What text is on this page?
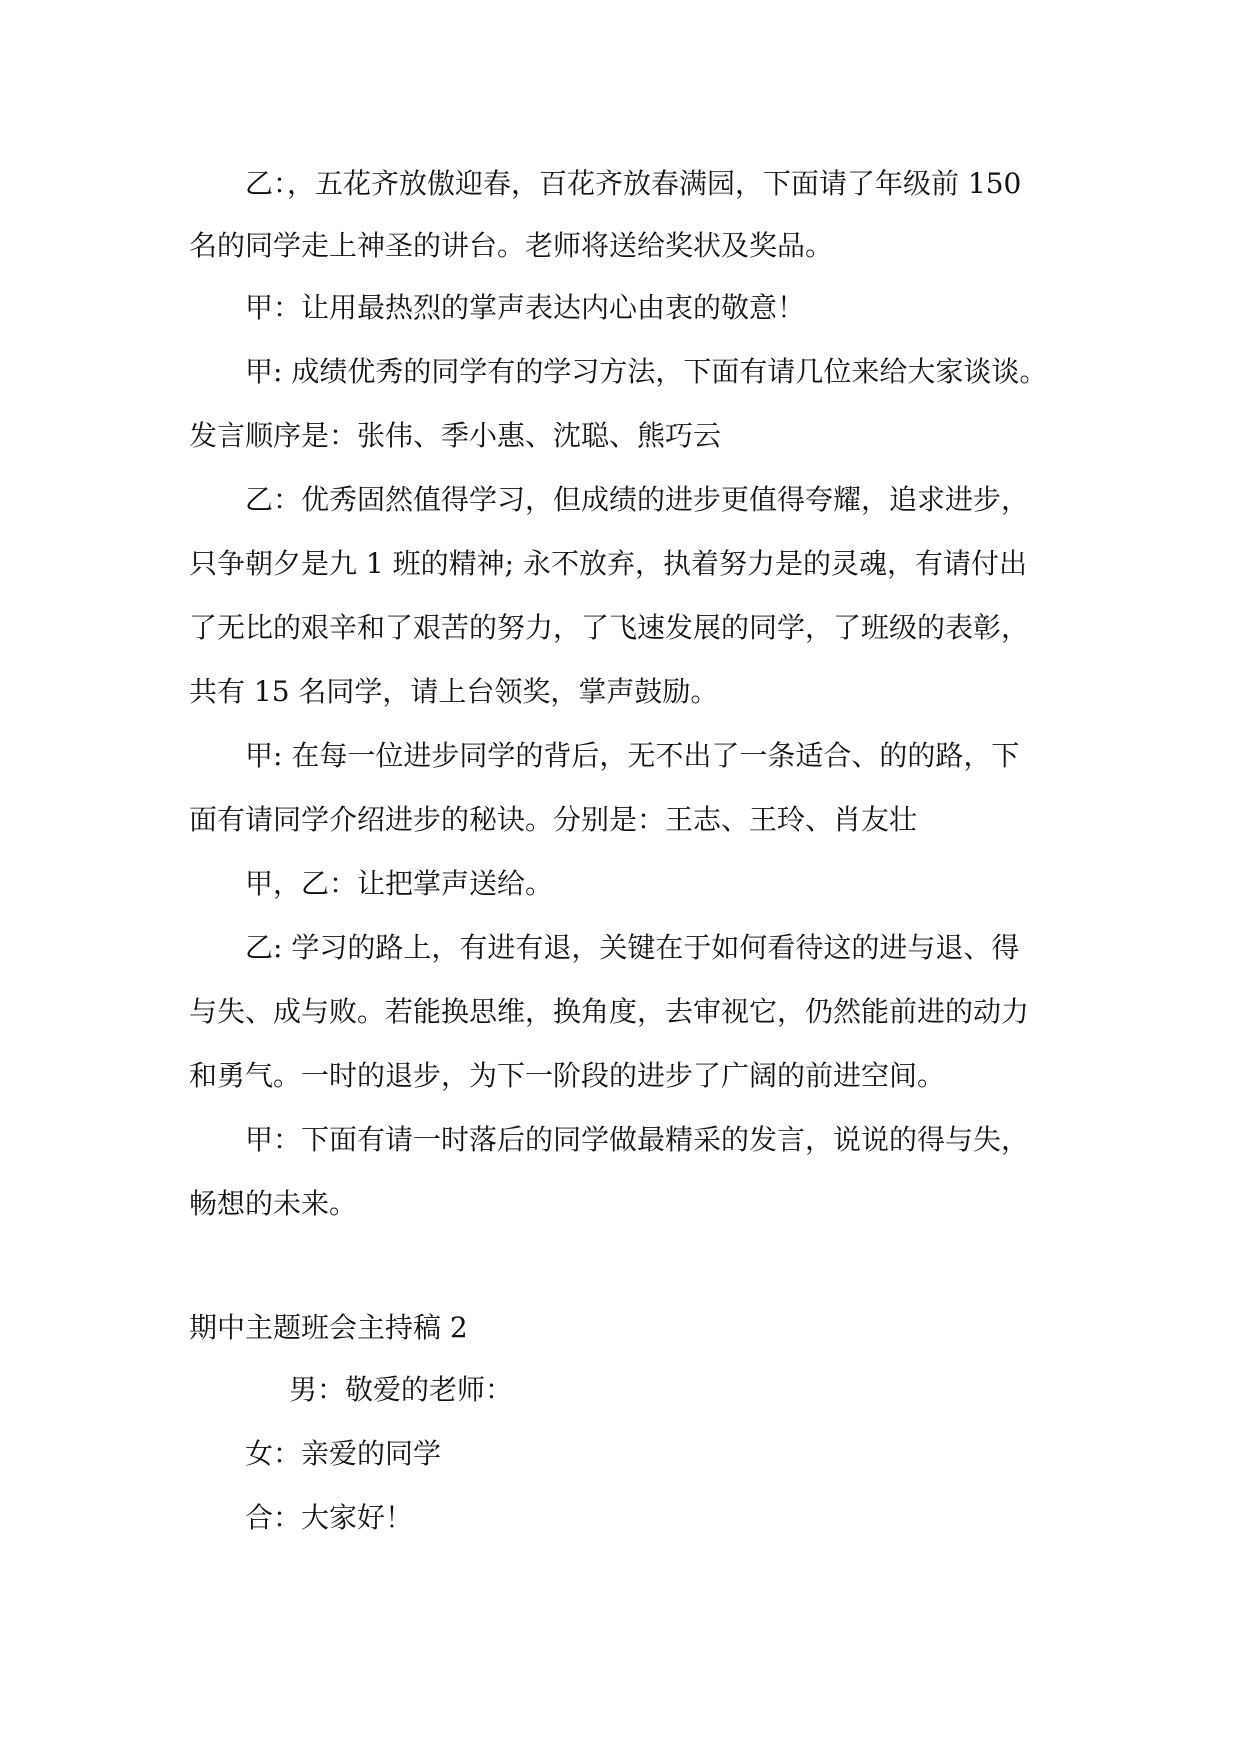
乙：，五花齐放傲迎春，百花齐放春满园，下面请了年级前 150
名的同学走上神圣的讲台。老师将送给奖状及奖品。
甲：让用最热烈的掌声表达内心由衷的敬意！
甲: 成绩优秀的同学有的学习方法，下面有请几位来给大家谈谈。
发言顺序是：张伟、季小惠、沈聪、熊巧云
乙：优秀固然值得学习，但成绩的进步更值得夸耀，追求进步，
只争朝夕是九 1 班的精神; 永不放弃，执着努力是的灵魂，有请付出
了无比的艰辛和了艰苦的努力，了飞速发展的同学，了班级的表彰，
共有 15 名同学，请上台领奖，掌声鼓励。
甲: 在每一位进步同学的背后，无不出了一条适合、的的路，下
面有请同学介绍进步的秘诀。分别是：王志、王玲、肖友壮
甲，乙：让把掌声送给。
乙: 学习的路上，有进有退，关键在于如何看待这的进与退、得
与失、成与败。若能换思维，换角度，去审视它，仍然能前进的动力
和勇气。一时的退步，为下一阶段的进步了广阔的前进空间。
甲：下面有请一时落后的同学做最精采的发言，说说的得与失，
畅想的未来。
期中主题班会主持稿 2
男：敬爱的老师：
女：亲爱的同学
合：大家好！
